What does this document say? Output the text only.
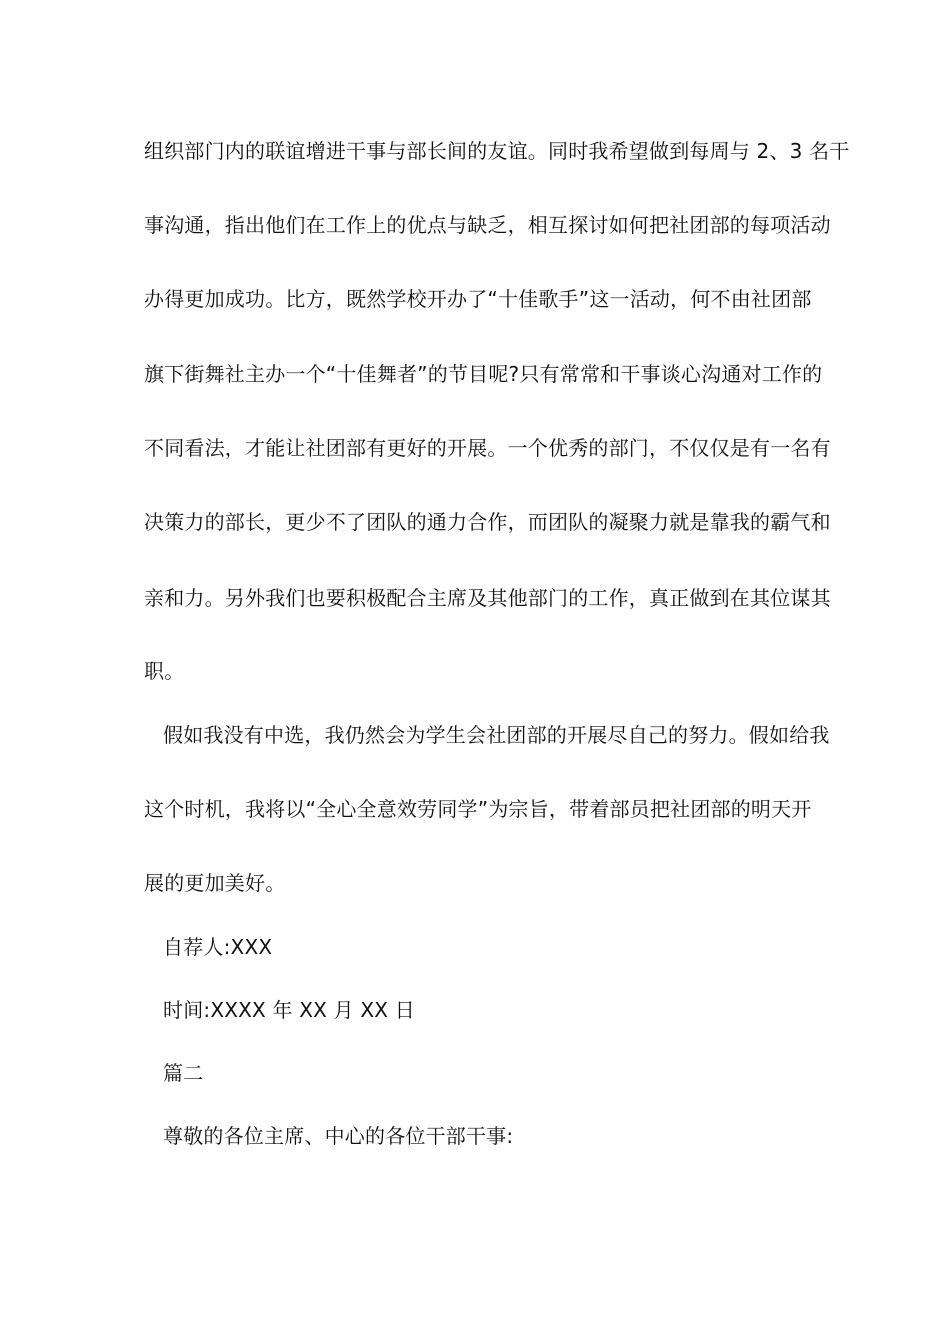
组织部门内的联谊增进干事与部长间的友谊。同时我希望做到每周与 2、3 名干
事沟通，指出他们在工作上的优点与缺乏，相互探讨如何把社团部的每项活动
办得更加成功。比方，既然学校开办了“十佳歌手”这一活动，何不由社团部
旗下街舞社主办一个“十佳舞者”的节目呢?只有常常和干事谈心沟通对工作的
不同看法，才能让社团部有更好的开展。一个优秀的部门，不仅仅是有一名有
决策力的部长，更少不了团队的通力合作，而团队的凝聚力就是靠我的霸气和
亲和力。另外我们也要积极配合主席及其他部门的工作，真正做到在其位谋其
职。
假如我没有中选，我仍然会为学生会社团部的开展尽自己的努力。假如给我
这个时机，我将以“全心全意效劳同学”为宗旨，带着部员把社团部的明天开
展的更加美好。
自荐人:XXX
时间:XXXX 年 XX 月 XX 日
篇二
尊敬的各位主席、中心的各位干部干事:
